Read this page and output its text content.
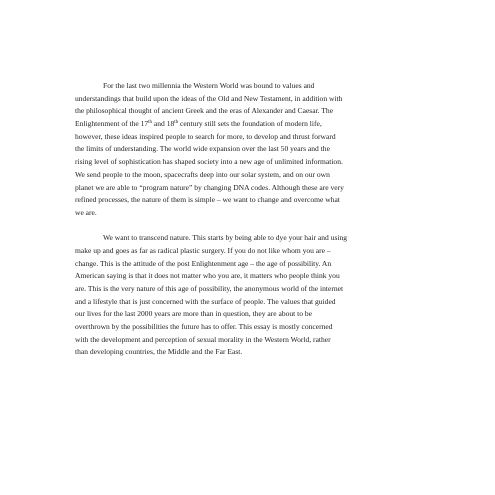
For the last two millennia the Western World was bound to values and
understandings that build upon the ideas of the Old and New Testament, in addition with
the philosophical thought of ancient Greek and the eras of Alexander and Caesar. The
Enlightenment of the 17th and 18th century still sets the foundation of modern life,
however, these ideas inspired people to search for more, to develop and thrust forward
the limits of understanding. The world wide expansion over the last 50 years and the
rising level of sophistication has shaped society into a new age of unlimited information.
We send people to the moon, spacecrafts deep into our solar system, and on our own
planet we are able to “program nature” by changing DNA codes. Although these are very
refined processes, the nature of them is simple – we want to change and overcome what
we are.
We want to transcend nature. This starts by being able to dye your hair and using
make up and goes as far as radical plastic surgery. If you do not like whom you are –
change. This is the attitude of the post Enlightenment age – the age of possibility. An
American saying is that it does not matter who you are, it matters who people think you
are. This is the very nature of this age of possibility, the anonymous world of the internet
and a lifestyle that is just concerned with the surface of people. The values that guided
our lives for the last 2000 years are more than in question, they are about to be
overthrown by the possibilities the future has to offer. This essay is mostly concerned
with the development and perception of sexual morality in the Western World, rather
than developing countries, the Middle and the Far East.
